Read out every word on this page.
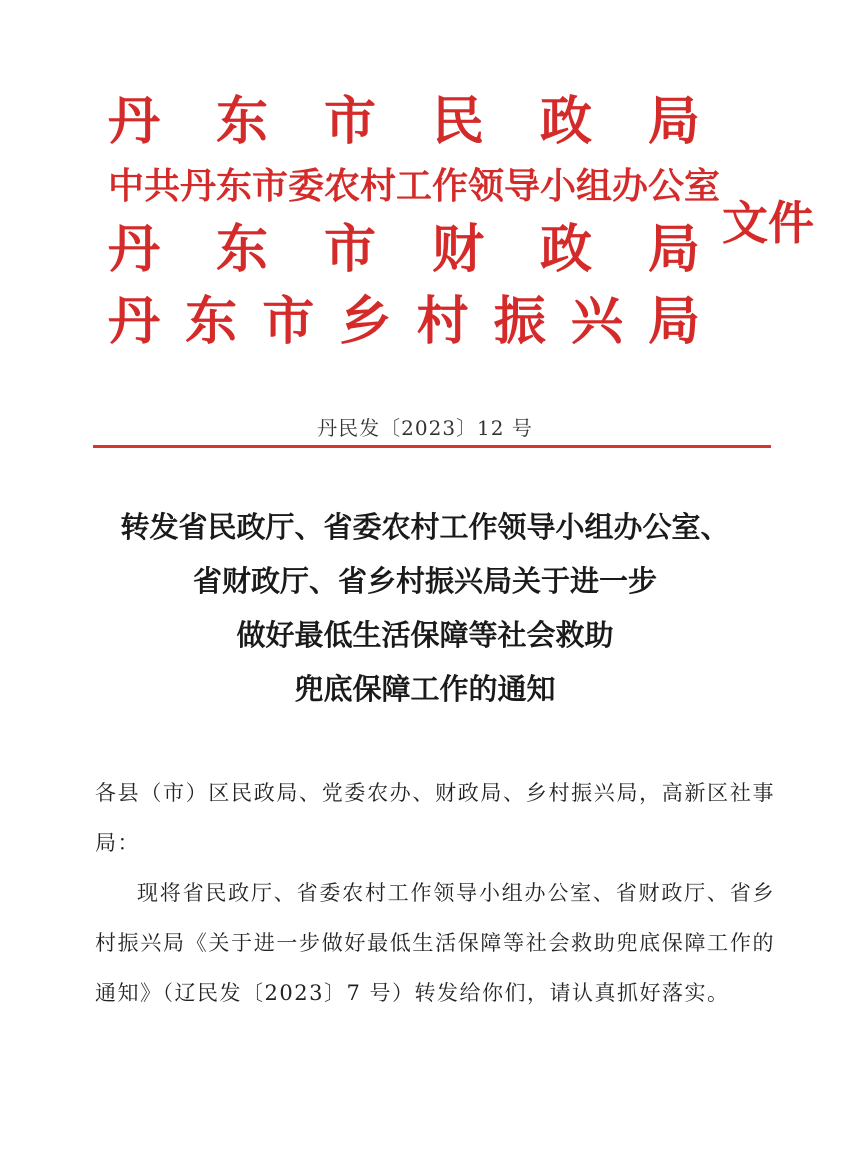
丹 东 市 民 政 局
中共丹东市委农村工作领导小组办公室
丹 东 市 财 政 局
丹 东 市 乡 村 振 兴 局
文件
丹民发〔2023〕12 号
转发省民政厅、省委农村工作领导小组办公室、
省财政厅、省乡村振兴局关于进一步
做好最低生活保障等社会救助
兜底保障工作的通知

各县（市）区民政局、党委农办、财政局、乡村振兴局，高新区社事局：

现将省民政厅、省委农村工作领导小组办公室、省财政厅、省乡村振兴局《关于进一步做好最低生活保障等社会救助兜底保障工作的通知》（辽民发〔2023〕7 号）转发给你们，请认真抓好落实。
